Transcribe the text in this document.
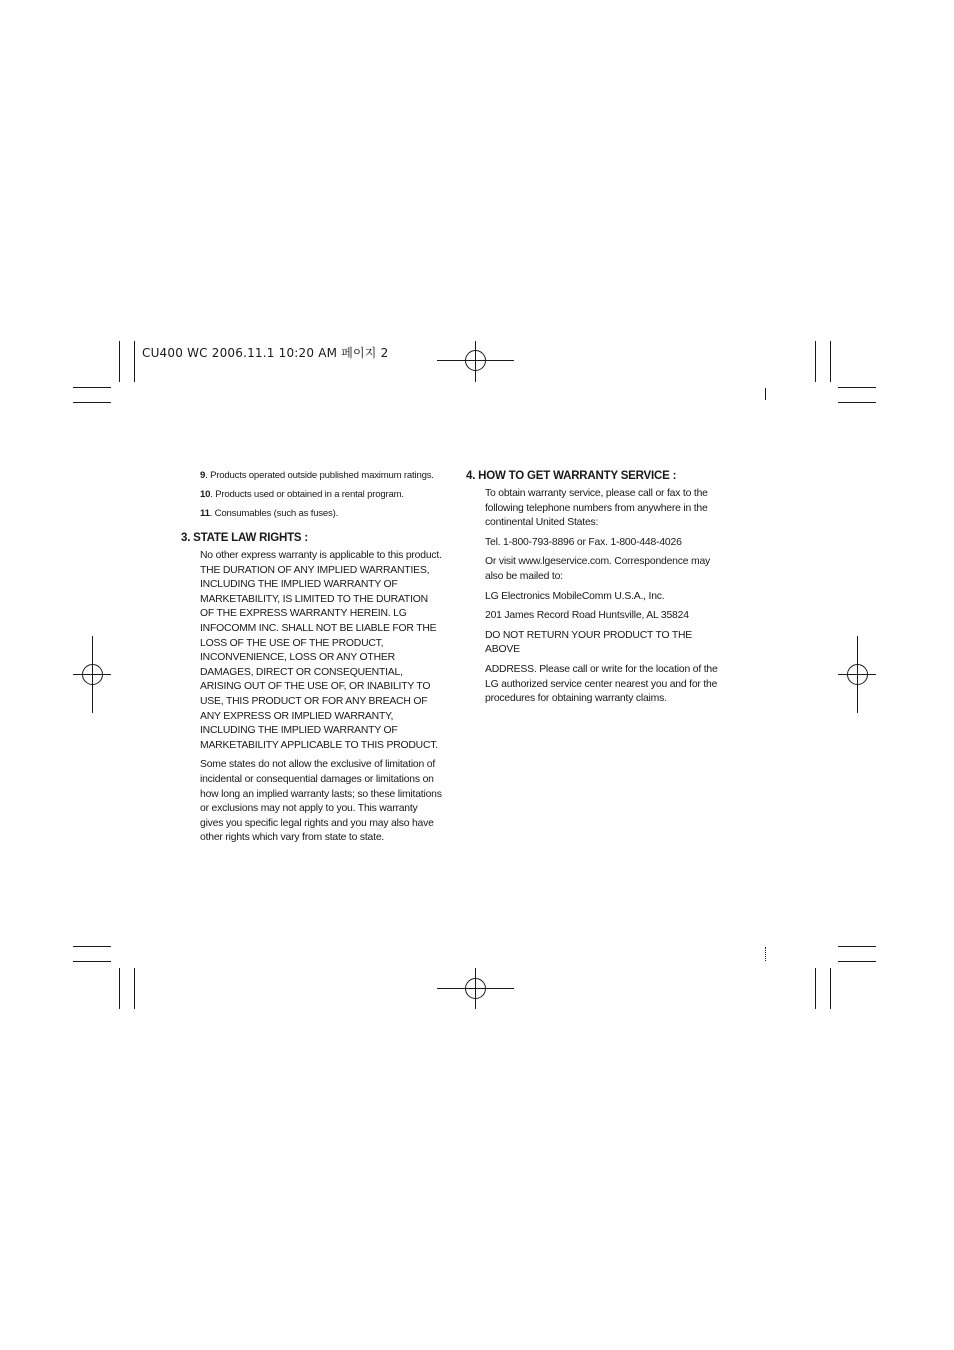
CU400 WC 2006.11.1 10:20 AM 페이지 2

9. Products operated outside published maximum ratings.

10. Products used or obtained in a rental program.

11. Consumables (such as fuses).

3. STATE LAW RIGHTS :

No other express warranty is applicable to this product. THE DURATION OF ANY IMPLIED WARRANTIES, INCLUDING THE IMPLIED WARRANTY OF MARKETABILITY, IS LIMITED TO THE DURATION OF THE EXPRESS WARRANTY HEREIN. LG INFOCOMM INC. SHALL NOT BE LIABLE FOR THE LOSS OF THE USE OF THE PRODUCT, INCONVENIENCE, LOSS OR ANY OTHER DAMAGES, DIRECT OR CONSEQUENTIAL, ARISING OUT OF THE USE OF, OR INABILITY TO USE, THIS PRODUCT OR FOR ANY BREACH OF ANY EXPRESS OR IMPLIED WARRANTY, INCLUDING THE IMPLIED WARRANTY OF MARKETABILITY APPLICABLE TO THIS PRODUCT.

Some states do not allow the exclusive of limitation of incidental or consequential damages or limitations on how long an implied warranty lasts; so these limitations or exclusions may not apply to you. This warranty gives you specific legal rights and you may also have other rights which vary from state to state.

4. HOW TO GET WARRANTY SERVICE :

To obtain warranty service, please call or fax to the following telephone numbers from anywhere in the continental United States:

Tel. 1-800-793-8896 or Fax. 1-800-448-4026

Or visit www.lgeservice.com. Correspondence may also be mailed to:

LG Electronics MobileComm U.S.A., Inc.

201 James Record Road Huntsville, AL 35824

DO NOT RETURN YOUR PRODUCT TO THE ABOVE

ADDRESS. Please call or write for the location of the LG authorized service center nearest you and for the procedures for obtaining warranty claims.
